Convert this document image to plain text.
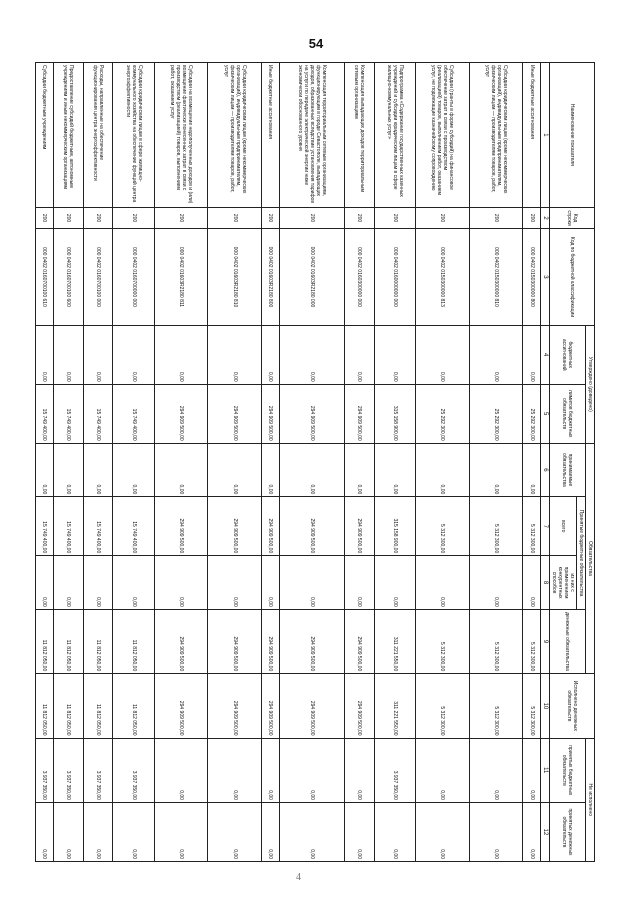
54
Наименование показателя	Код строки	Код по бюджетной классификации	Утверждено (доведено)		Обязательства				Исполнено денежных обязательств	Не исполнено	
			бюджетных ассигнований	лимитов бюджетных обязательств	принимаемые обязательства	Принятые бюджетные обязательства		денежные обязательства		принятых бюджетных обязательств	принятых денежных обязательств
						всего	из них с применением конкурентных способов				
1	2	3	4	5	6	7	8	9	10	11	12
Иные бюджетные ассигнования	200	000 0402 0150300000 800	0,00	25 292 300,00	0,00	5 312 300,00	0,00	5 312 300,00	5 312 300,00	0,00	0,00
Субсидии юридическим лицам (кроме некоммерческих организаций), индивидуальным предпринимателям, физическим лицам — производителям товаров, работ, услуг	200	000 0402 0150300000 810	0,00	25 292 300,00	0,00	5 312 300,00	0,00	5 312 300,00	5 312 300,00	0,00	0,00
Субсидии (гранты в форме субсидий) на финансовое обеспечение затрат в связи с производством (реализацией) товаров, выполнением работ, оказанием услуг, не подлежащие казначейскому сопровождению	200	000 0402 0150300000 813	0,00	25 292 300,00	0,00	5 312 300,00	0,00	5 312 300,00	5 312 300,00	0,00	0,00
Подпрограмма «Содержание государственных казенных учреждений и субсидии юридическим лицам в сфере жилищно-коммунальных услуг»	200	000 0402 0160000000 000	0,00	315 158 900,00	0,00	315 158 900,00	0,00	311 221 550,00	311 221 550,00	3 937 350,00	0,00
Компенсация выпадающих доходов территориальным сетевым организациям	200	000 0402 0160300000 000	0,00	294 909 500,00	0,00	294 909 500,00	0,00	294 909 500,00	294 909 500,00	0,00	0,00
Компенсация территориальным сетевым организациям, функционирующим в городе Севастополе, выпадающих доходов, образованных вследствие установления тарифов на услуги по передаче электрической энергии ниже экономически обоснованного уровня	200	000 0402 01603R2180 000	0,00	294 909 500,00	0,00	294 909 500,00	0,00	294 909 500,00	294 909 500,00	0,00	0,00
Иные бюджетные ассигнования	200	000 0402 01603R2180 800	0,00	294 909 500,00	0,00	294 909 500,00	0,00	294 909 500,00	294 909 500,00	0,00	0,00
Субсидии юридическим лицам (кроме некоммерческих организаций), индивидуальным предпринимателям, физическим лицам — производителям товаров, работ, услуг	200	000 0402 01603R2180 810	0,00	294 909 500,00	0,00	294 909 500,00	0,00	294 909 500,00	294 909 500,00	0,00	0,00
Субсидии на возмещение недополученных доходов и (или) возмещение фактически понесенных затрат в связи с производством (реализацией) товаров, выполнением работ, оказанием услуг	200	000 0402 01603R2180 811	0,00	294 909 500,00	0,00	294 909 500,00	0,00	294 909 500,00	294 909 500,00	0,00	0,00
Субсидии юридическим лицам в сфере жилищно-коммунального хозяйства на обеспечение функций центра энергоэффективности	200	000 0402 0160700000 000	0,00	15 749 400,00	0,00	15 749 400,00	0,00	11 812 050,00	11 812 050,00	3 937 350,00	0,00
Расходы, направленные на обеспечение функционирования центра энергоэффективности	200	000 0402 0160700100 000	0,00	15 749 400,00	0,00	15 749 400,00	0,00	11 812 050,00	11 812 050,00	3 937 350,00	0,00
Предоставление субсидий бюджетным, автономным учреждениям и иным некоммерческим организациям	200	000 0402 0160700100 600	0,00	15 749 400,00	0,00	15 749 400,00	0,00	11 812 050,00	11 812 050,00	3 937 350,00	0,00
Субсидии бюджетным учреждениям	200	000 0402 0160700100 610	0,00	15 749 400,00	0,00	15 749 400,00	0,00	11 812 050,00	11 812 050,00	3 937 350,00	0,00
4
